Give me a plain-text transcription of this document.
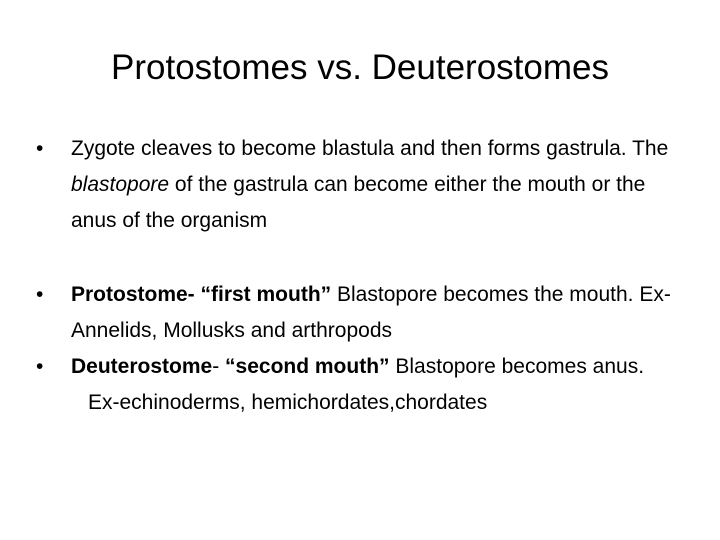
Protostomes vs. Deuterostomes
•	Zygote cleaves to become blastula and then forms gastrula. The blastopore of the gastrula can become either the mouth or the anus of the organism
•	Protostome- “first mouth” Blastopore becomes the mouth. Ex-Annelids, Mollusks and arthropods
•	Deuterostome- “second mouth” Blastopore becomes anus.
Ex-echinoderms, hemichordates,chordates
